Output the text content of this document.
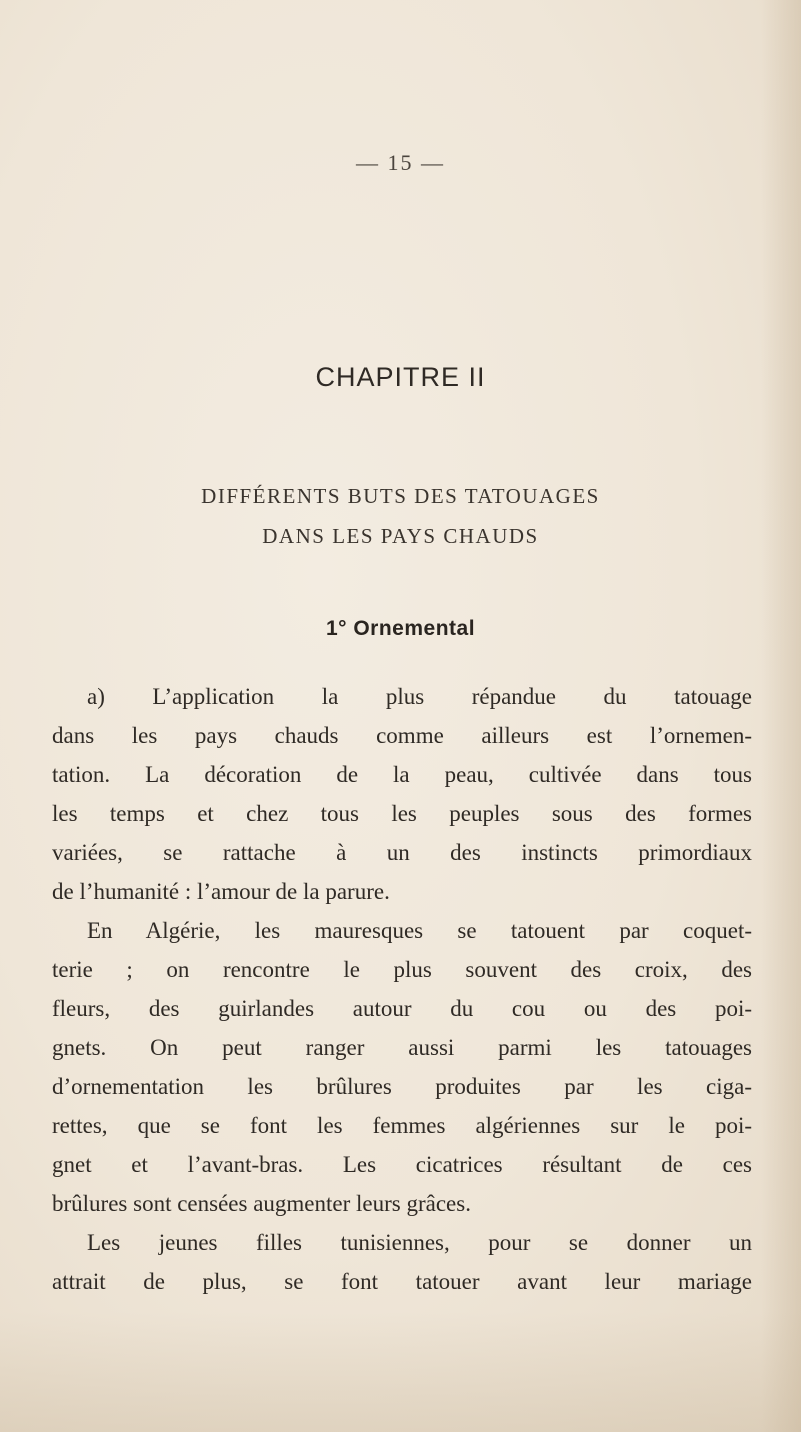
— 15 —
CHAPITRE II
DIFFÉRENTS BUTS DES TATOUAGES
DANS LES PAYS CHAUDS
1° Ornemental
a) L’application la plus répandue du tatouage
dans les pays chauds comme ailleurs est l’ornemen-
tation. La décoration de la peau, cultivée dans tous
les temps et chez tous les peuples sous des formes
variées, se rattache à un des instincts primordiaux
de l’humanité : l’amour de la parure.
En Algérie, les mauresques se tatouent par coquet-
terie ; on rencontre le plus souvent des croix, des
fleurs, des guirlandes autour du cou ou des poi-
gnets. On peut ranger aussi parmi les tatouages
d’ornementation les brûlures produites par les ciga-
rettes, que se font les femmes algériennes sur le poi-
gnet et l’avant-bras. Les cicatrices résultant de ces
brûlures sont censées augmenter leurs grâces.
Les jeunes filles tunisiennes, pour se donner un
attrait de plus, se font tatouer avant leur mariage
